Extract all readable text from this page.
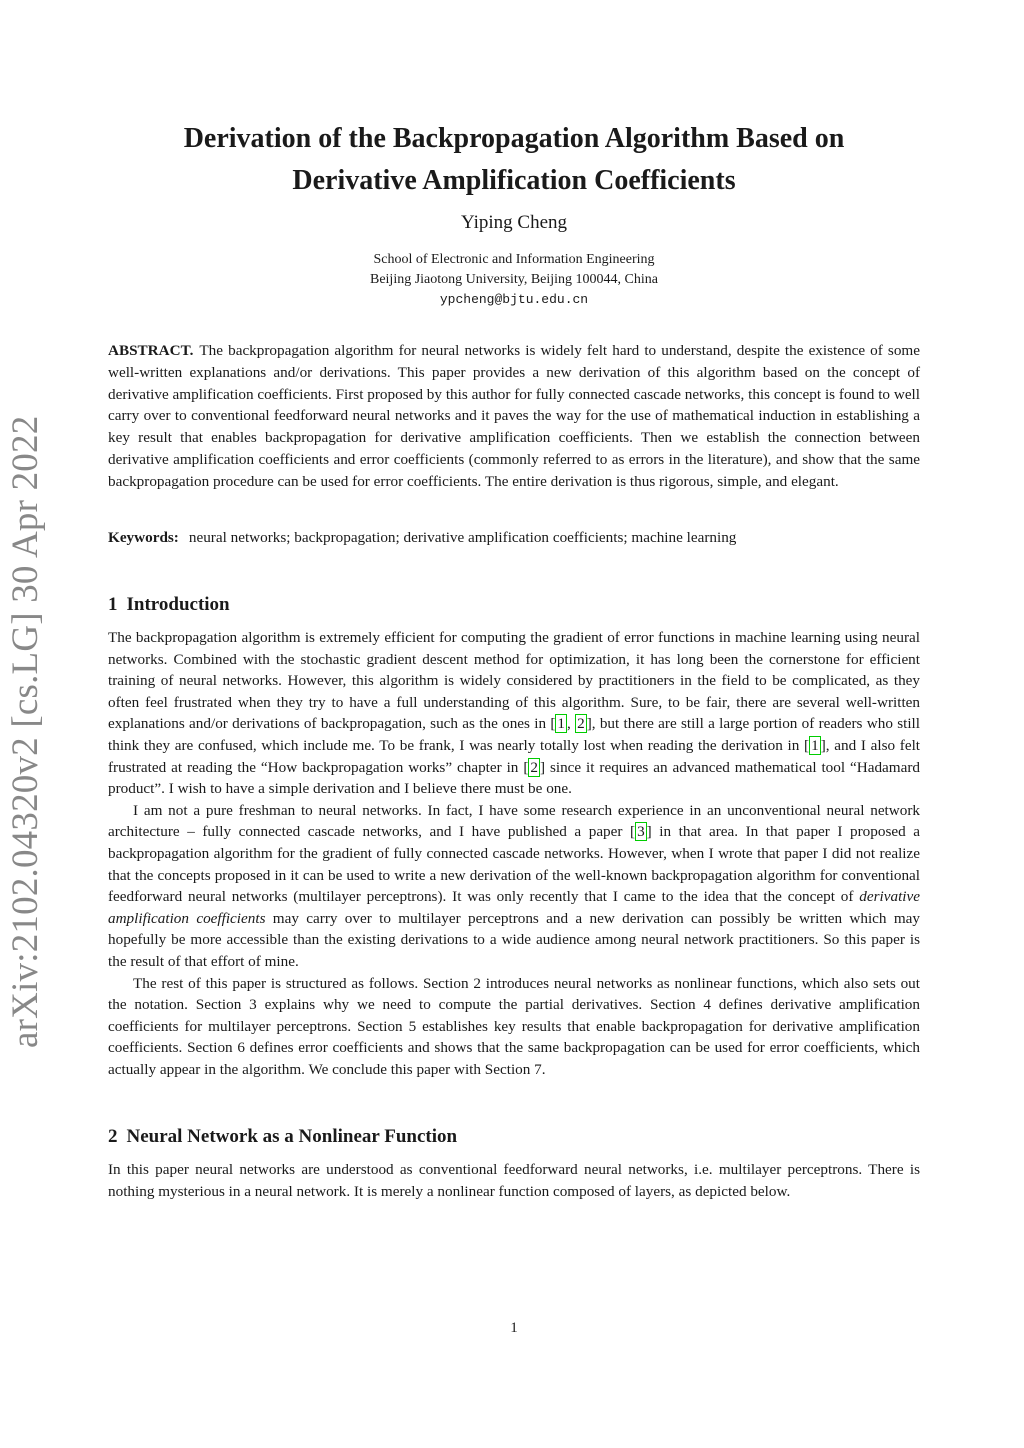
arXiv:2102.04320v2 [cs.LG] 30 Apr 2022
Derivation of the Backpropagation Algorithm Based on
Derivative Amplification Coefficients
Yiping Cheng
School of Electronic and Information Engineering
Beijing Jiaotong University, Beijing 100044, China
ypcheng@bjtu.edu.cn
ABSTRACT. The backpropagation algorithm for neural networks is widely felt hard to understand, despite the existence of some well-written explanations and/or derivations. This paper provides a new derivation of this algorithm based on the concept of derivative amplification coefficients. First proposed by this author for fully connected cascade networks, this concept is found to well carry over to conventional feedforward neural networks and it paves the way for the use of mathematical induction in establishing a key result that enables backpropagation for derivative amplification coefficients. Then we establish the connection between derivative amplification coefficients and error coefficients (commonly referred to as errors in the literature), and show that the same backpropagation procedure can be used for error coefficients. The entire derivation is thus rigorous, simple, and elegant.
Keywords: neural networks; backpropagation; derivative amplification coefficients; machine learning
1 Introduction

The backpropagation algorithm is extremely efficient for computing the gradient of error functions in machine learning using neural networks. Combined with the stochastic gradient descent method for optimization, it has long been the cornerstone for efficient training of neural networks. However, this algorithm is widely considered by practitioners in the field to be complicated, as they often feel frustrated when they try to have a full understanding of this algorithm. Sure, to be fair, there are several well-written explanations and/or derivations of backpropagation, such as the ones in [ 1 , 2 ], but there are still a large portion of readers who still think they are confused, which include me. To be frank, I was nearly totally lost when reading the derivation in [ 1 ], and I also felt frustrated at reading the “How backpropagation works” chapter in [ 2 ] since it requires an advanced mathematical tool “Hadamard product”. I wish to have a simple derivation and I believe there must be one.

I am not a pure freshman to neural networks. In fact, I have some research experience in an unconventional neural network architecture – fully connected cascade networks, and I have published a paper [ 3 ] in that area. In that paper I proposed a backpropagation algorithm for the gradient of fully connected cascade networks. However, when I wrote that paper I did not realize that the concepts proposed in it can be used to write a new derivation of the well-known backpropagation algorithm for conventional feedforward neural networks (multilayer perceptrons). It was only recently that I came to the idea that the concept of derivative amplification coefficients may carry over to multilayer perceptrons and a new derivation can possibly be written which may hopefully be more accessible than the existing derivations to a wide audience among neural network practitioners. So this paper is the result of that effort of mine.

The rest of this paper is structured as follows. Section 2 introduces neural networks as nonlinear functions, which also sets out the notation. Section 3 explains why we need to compute the partial derivatives. Section 4 defines derivative amplification coefficients for multilayer perceptrons. Section 5 establishes key results that enable backpropagation for derivative amplification coefficients. Section 6 defines error coefficients and shows that the same backpropagation can be used for error coefficients, which actually appear in the algorithm. We conclude this paper with Section 7.

2 Neural Network as a Nonlinear Function

In this paper neural networks are understood as conventional feedforward neural networks, i.e. multilayer perceptrons. There is nothing mysterious in a neural network. It is merely a nonlinear function composed of layers, as depicted below.

1
